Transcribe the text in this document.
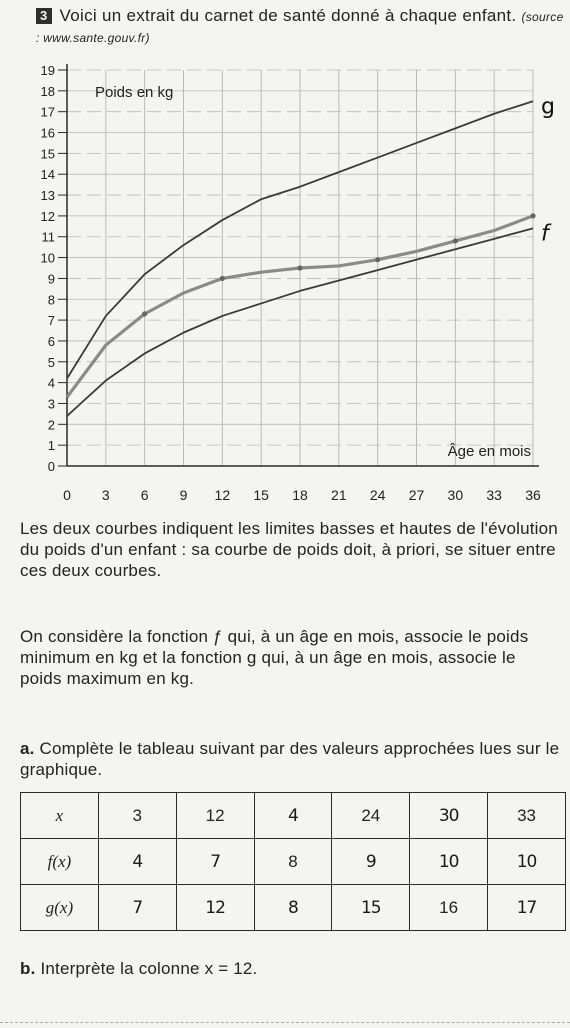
3 Voici un extrait du carnet de santé donné à chaque enfant. (source : www.sante.gouv.fr)
0
1
2
3
4
5
6
7
8
9
10
11
12
13
14
15
16
17
18
19
0 3 6 9 12 15 18 21 24 27 30 33 36
Poids en kg
Âge en mois
g
f
Les deux courbes indiquent les limites basses et hautes de l'évolution du poids d'un enfant : sa courbe de poids doit, à priori, se situer entre ces deux courbes.
On considère la fonction ƒ qui, à un âge en mois, associe le poids minimum en kg et la fonction g qui, à un âge en mois, associe le poids maximum en kg.
a. Complète le tableau suivant par des valeurs approchées lues sur le graphique.
x	3	12	4	24	30	33
f(x)	4	7	8	9	10	10
g(x)	7	12	8	15	16	17
b. Interprète la colonne x = 12.
